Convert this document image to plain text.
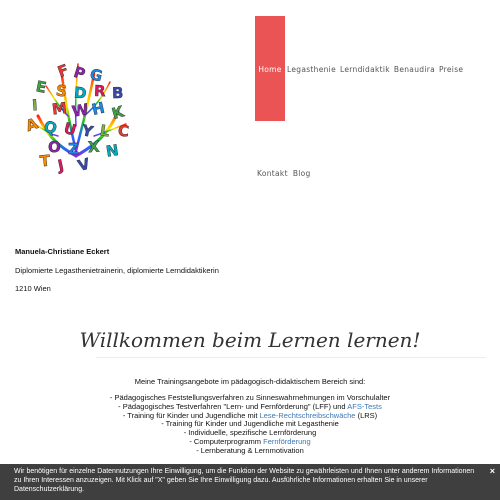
F P G
E S D R B
I M W H K
A Q U Y L C
O Z X
T
N
J V
Home Legasthenie Lerndidaktik Benaudira Preise
Kontakt Blog
Manuela-Christiane Eckert
Diplomierte Legasthenietrainerin, diplomierte Lerndidaktikerin
1210 Wien
Willkommen beim Lernen lernen!
Meine Trainingsangebote im pädagogisch-didaktischem Bereich sind:
- Pädagogisches Feststellungsverfahren zu Sinneswahrnehmungen im Vorschulalter
- Pädagogisches Testverfahren "Lern- und Fernförderung" (LFF) und AFS-Tests
- Training für Kinder und Jugendliche mit Lese-Rechtschreibschwäche (LRS)
- Training für Kinder und Jugendliche mit Legasthenie
- Individuelle, spezifische Lernförderung
- Computerprogramm Fernförderung
- Lernberatung & Lernmotivation
Wir benötigen für einzelne Datennutzungen Ihre Einwilligung, um die Funktion der Website zu gewährleisten und Ihnen unter anderem Informationen zu Ihren Interessen anzuzeigen. Mit Klick auf "X" geben Sie Ihre Einwilligung dazu. Ausführliche Informationen erhalten Sie in unserer Datenschutzerklärung.
×
